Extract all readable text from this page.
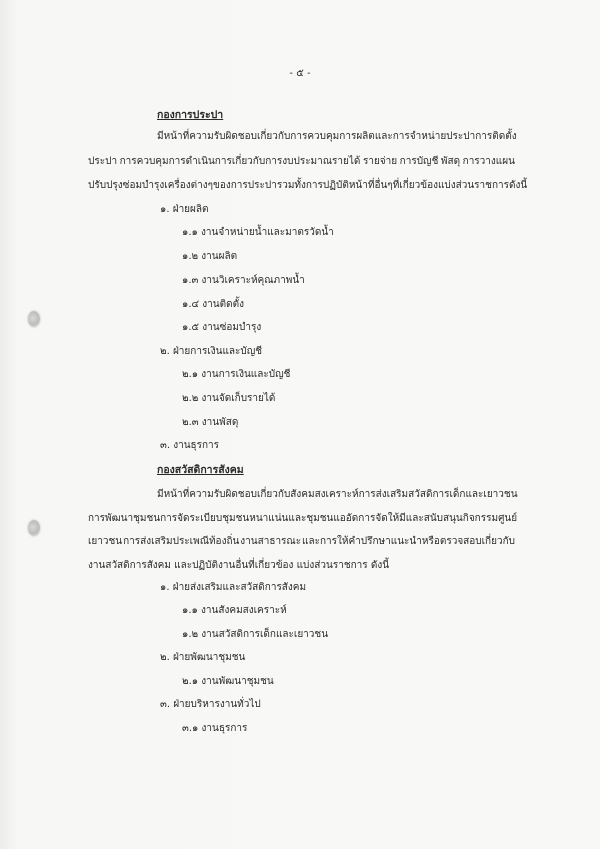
- ๕ -
กองการประปา
มีหน้าที่ความรับผิดชอบเกี่ยวกับการควบคุมการผลิต และการจำหน่ายประปา การติดตั้ง
ประปา การควบคุมการดำเนินการเกี่ยวกับการงบประมาณรายได้ รายจ่าย การบัญชี พัสดุ การวางแผน
ปรับปรุงซ่อมบำรุงเครื่องต่างๆ ของการประปา รวมทั้งการปฏิบัติหน้าที่อื่นๆ ที่เกี่ยวข้องแบ่งส่วนราชการ ดังนี้
๑. ฝ่ายผลิต
๑.๑ งานจำหน่ายน้ำและมาตรวัดน้ำ
๑.๒ งานผลิต
๑.๓ งานวิเคราะห์คุณภาพน้ำ
๑.๔ งานติดตั้ง
๑.๕ งานซ่อมบำรุง
๒. ฝ่ายการเงินและบัญชี
๒.๑ งานการเงินและบัญชี
๒.๒ งานจัดเก็บรายได้
๒.๓ งานพัสดุ
๓. งานธุรการ
กองสวัสดิการสังคม
มีหน้าที่ความรับผิดชอบเกี่ยวกับสังคมสงเคราะห์ การส่งเสริมสวัสดิการเด็กและเยาวชน
การพัฒนาชุมชน การจัดระเบียบชุมชนหนาแน่น และชุมชนแออัดการจัดให้มีและสนับสนุนกิจกรรมศูนย์
เยาวชน การส่งเสริมประเพณีท้องถิ่น งานสาธารณะ และการให้คำปรึกษาแนะนำหรือตรวจสอบเกี่ยวกับ
งานสวัสดิการสังคม และปฏิบัติงานอื่นที่เกี่ยวข้อง แบ่งส่วนราชการ ดังนี้
๑. ฝ่ายส่งเสริมและสวัสดิการสังคม
๑.๑ งานสังคมสงเคราะห์
๑.๒ งานสวัสดิการเด็กและเยาวชน
๒. ฝ่ายพัฒนาชุมชน
๒.๑ งานพัฒนาชุมชน
๓. ฝ่ายบริหารงานทั่วไป
๓.๑ งานธุรการ
